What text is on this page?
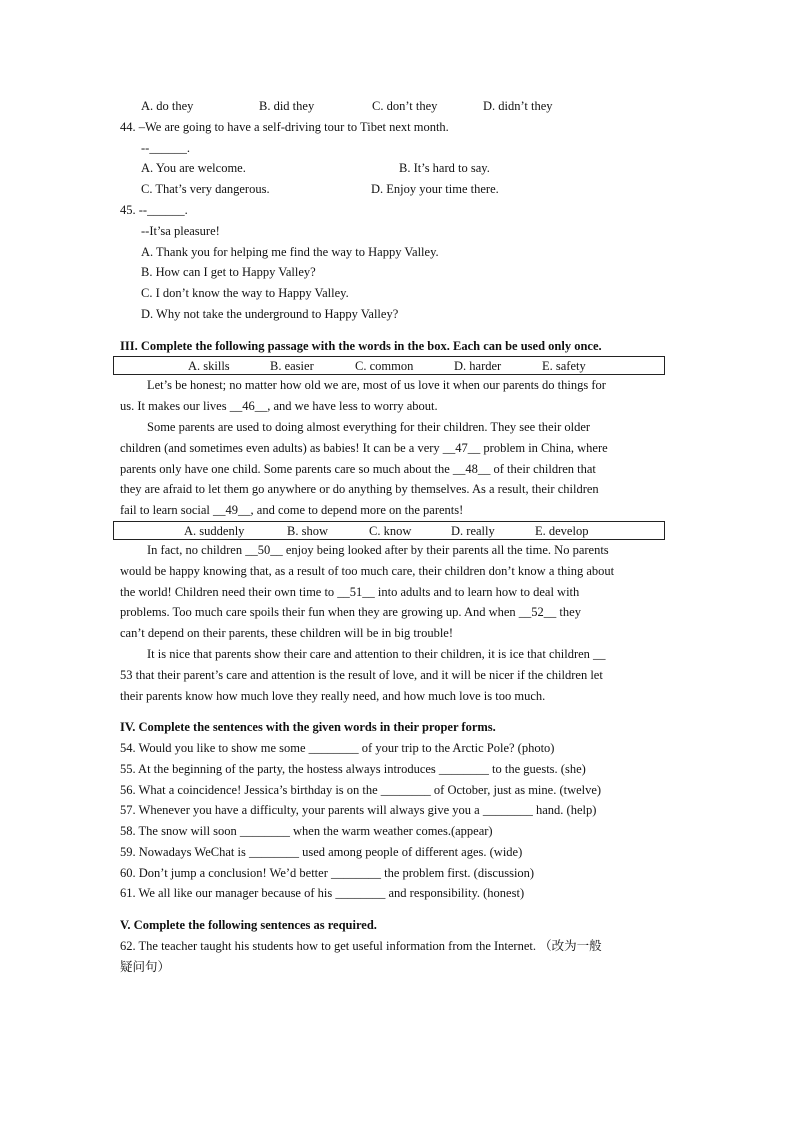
A. do they	B. did they	C. don’t they	D. didn’t they
44. –We are going to have a self-driving tour to Tibet next month.
--______.
A. You are welcome.	B. It’s hard to say.
C. That’s very dangerous.	D. Enjoy your time there.
45. --______.
--It’sa pleasure!
A. Thank you for helping me find the way to Happy Valley.
B. How can I get to Happy Valley?
C. I don’t know the way to Happy Valley.
D. Why not take the underground to Happy Valley?
III. Complete the following passage with the words in the box. Each can be used only once.
A. skills	B. easier	C. common	D. harder	E. safety
Let’s be honest; no matter how old we are, most of us love it when our parents do things for
us. It makes our lives __46__, and we have less to worry about.
Some parents are used to doing almost everything for their children. They see their older
children (and sometimes even adults) as babies! It can be a very __47__ problem in China, where
parents only have one child. Some parents care so much about the __48__ of their children that
they are afraid to let them go anywhere or do anything by themselves. As a result, their children
fail to learn social __49__, and come to depend more on the parents!
A. suddenly	B. show	C. know	D. really	E. develop
In fact, no children __50__ enjoy being looked after by their parents all the time. No parents
would be happy knowing that, as a result of too much care, their children don’t know a thing about
the world! Children need their own time to __51__ into adults and to learn how to deal with
problems. Too much care spoils their fun when they are growing up. And when __52__ they
can’t depend on their parents, these children will be in big trouble!
It is nice that parents show their care and attention to their children, it is ice that children __
53 that their parent’s care and attention is the result of love, and it will be nicer if the children let
their parents know how much love they really need, and how much love is too much.
IV. Complete the sentences with the given words in their proper forms.
54. Would you like to show me some ________ of your trip to the Arctic Pole? (photo)
55. At the beginning of the party, the hostess always introduces ________ to the guests. (she)
56. What a coincidence! Jessica’s birthday is on the ________ of October, just as mine. (twelve)
57. Whenever you have a difficulty, your parents will always give you a ________ hand. (help)
58. The snow will soon ________ when the warm weather comes.(appear)
59. Nowadays WeChat is ________ used among people of different ages. (wide)
60. Don’t jump a conclusion! We’d better ________ the problem first. (discussion)
61. We all like our manager because of his ________ and responsibility. (honest)
V. Complete the following sentences as required.
62. The teacher taught his students how to get useful information from the Internet. （改为一般
疑问句）
